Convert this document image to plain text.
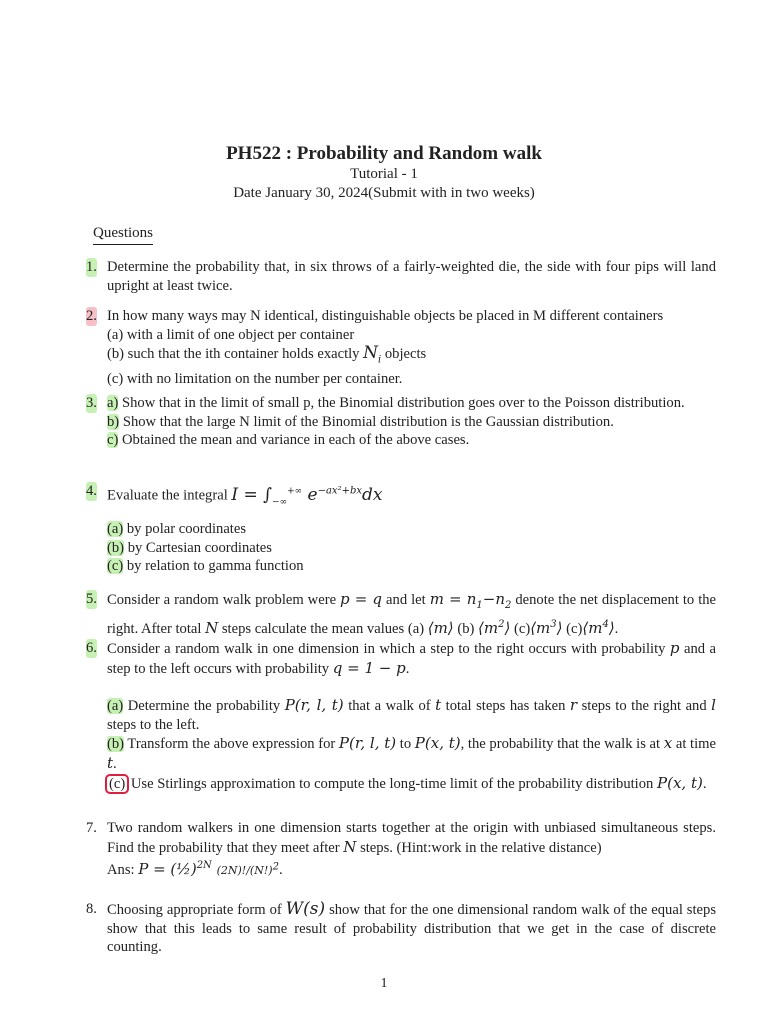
PH522 : Probability and Random walk
Tutorial - 1
Date January 30, 2024(Submit with in two weeks)
Questions
1. Determine the probability that, in six throws of a fairly-weighted die, the side with four pips will land upright at least twice.
2. In how many ways may N identical, distinguishable objects be placed in M different containers
(a) with a limit of one object per container
(b) such that the ith container holds exactly $N_i$ objects
(c) with no limitation on the number per container.
3. a) Show that in the limit of small p, the Binomial distribution goes over to the Poisson distribution.
b) Show that the large N limit of the Binomial distribution is the Gaussian distribution.
c) Obtained the mean and variance in each of the above cases.
4. Evaluate the integral $I = \int_{-\infty}^{+\infty}$ $e^{-ax^2+bx}dx$
(a) by polar coordinates
(b) by Cartesian coordinates
(c) by relation to gamma function
5. Consider a random walk problem were p = q and let $m = n_1-n_2$ denote the net displacement to the right. After total N steps calculate the mean values (a) ⟨m⟩ (b) $⟨m^2⟩$ $(c)⟨m^3⟩$ $(c)⟨m^4⟩$.
6. Consider a random walk in one dimension in which a step to the right occurs with probability p and a step to the left occurs with probability q = 1 − p.
(a) Determine the probability P(r, l, t) that a walk of t total steps has taken r steps to the right and l steps to the left.
(b) Transform the above expression for P(r, l, t) to P(x, t), the probability that the walk is at x at time t.
(c) Use Stirlings approximation to compute the long-time limit of the probability distribution P(x, t).
7. Two random walkers in one dimension starts together at the origin with unbiased simultaneous steps. Find the probability that they meet after N steps. (Hint:work in the relative distance)
Ans: P = (½)$^{2N}$ $(2N)!/(N!)^2$.
8. Choosing appropriate form of W(s) show that for the one dimensional random walk of the equal steps show that this leads to same result of probability distribution that we get in the case of discrete counting.
1
